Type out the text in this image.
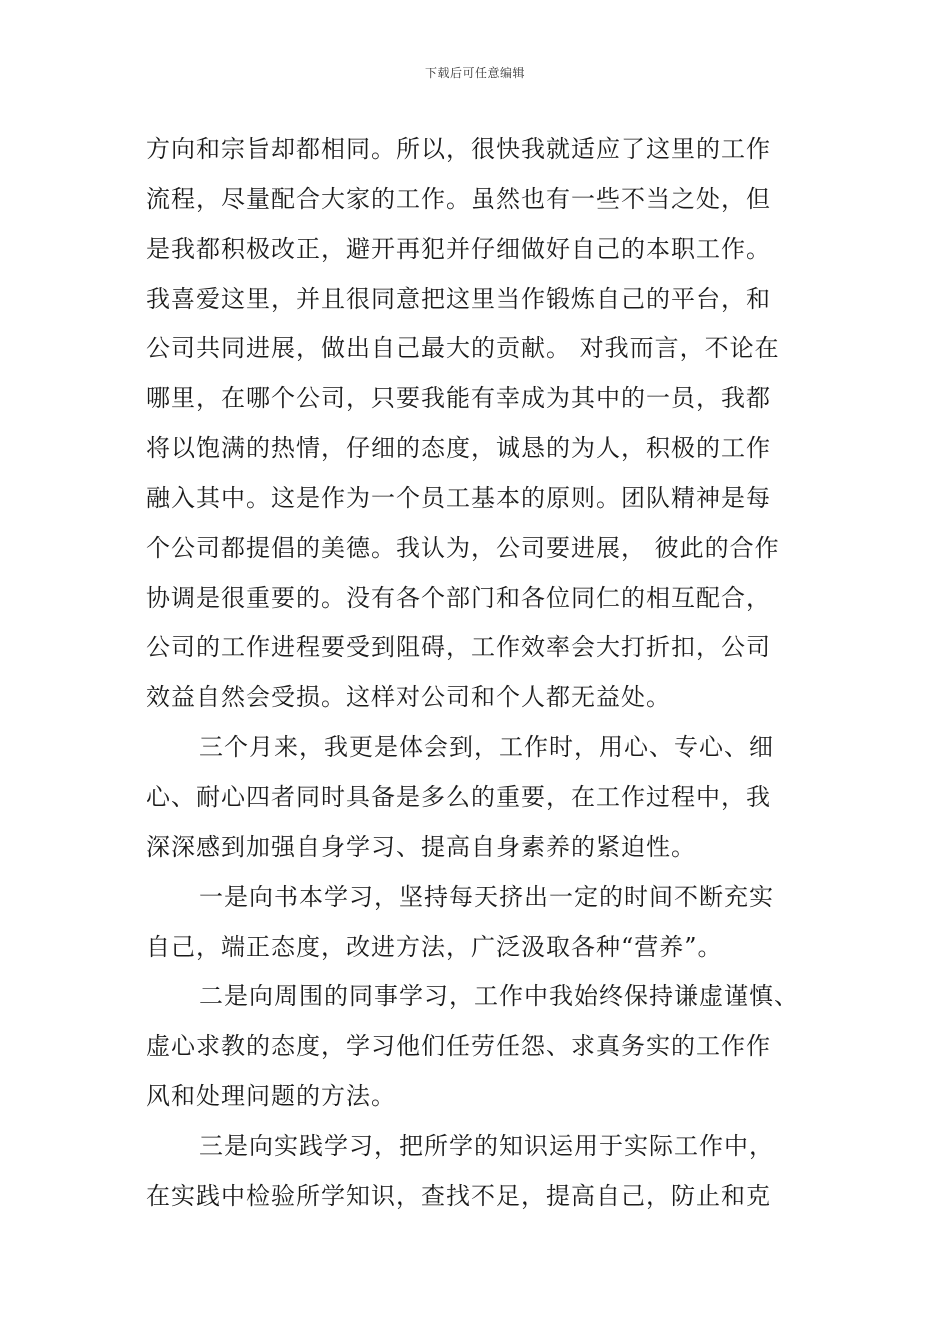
下载后可任意编辑
方向和宗旨却都相同。所以，很快我就适应了这里的工作
流程，尽量配合大家的工作。虽然也有一些不当之处，但
是我都积极改正，避开再犯并仔细做好自己的本职工作。
我喜爱这里，并且很同意把这里当作锻炼自己的平台，和
公司共同进展，做出自己最大的贡献。 对我而言，不论在
哪里，在哪个公司，只要我能有幸成为其中的一员，我都
将以饱满的热情，仔细的态度，诚恳的为人，积极的工作
融入其中。这是作为一个员工基本的原则。团队精神是每
个公司都提倡的美德。我认为，公司要进展， 彼此的合作
协调是很重要的。没有各个部门和各位同仁的相互配合，
公司的工作进程要受到阻碍，工作效率会大打折扣，公司
效益自然会受损。这样对公司和个人都无益处。
三个月来，我更是体会到，工作时，用心、专心、细
心、耐心四者同时具备是多么的重要，在工作过程中，我
深深感到加强自身学习、提高自身素养的紧迫性。
一是向书本学习，坚持每天挤出一定的时间不断充实
自己，端正态度，改进方法，广泛汲取各种“营养”。
二是向周围的同事学习，工作中我始终保持谦虚谨慎、
虚心求教的态度，学习他们任劳任怨、求真务实的工作作
风和处理问题的方法。
三是向实践学习，把所学的知识运用于实际工作中，
在实践中检验所学知识，查找不足，提高自己，防止和克
